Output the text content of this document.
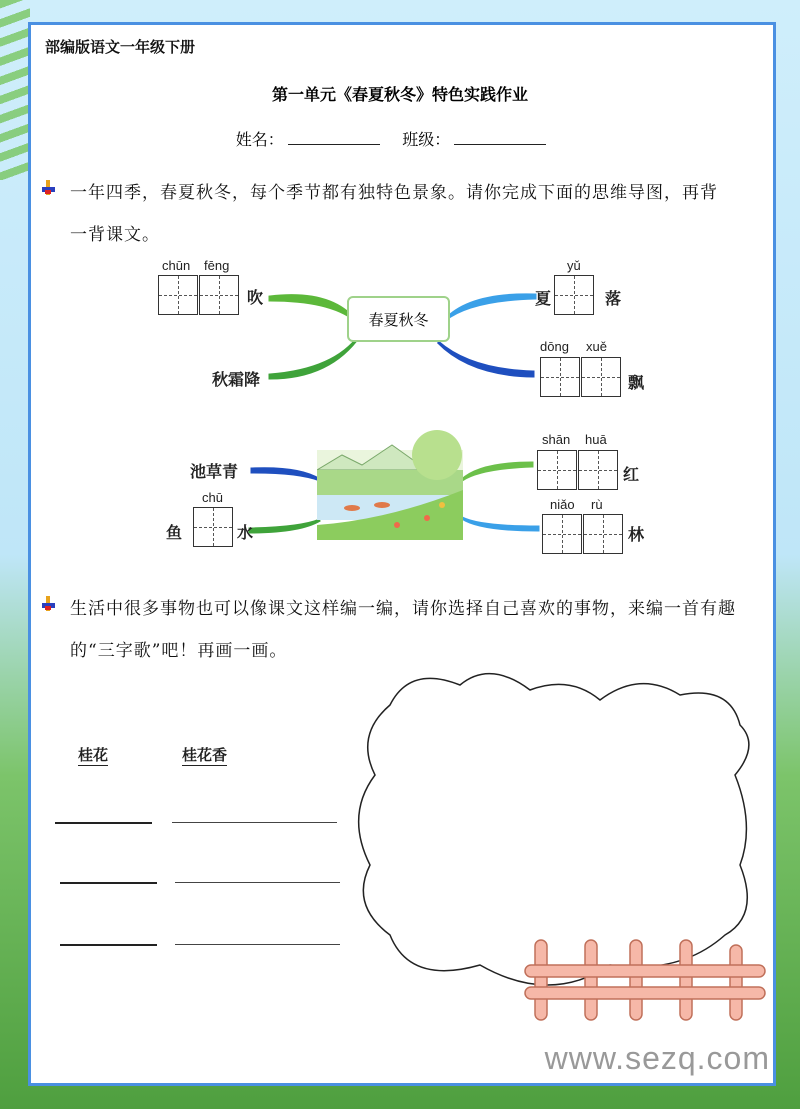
部编版语文一年级下册
第一单元《春夏秋冬》特色实践作业
姓名：	班级：
一年四季，春夏秋冬，每个季节都有独特色景象。请你完成下面的思维导图，再背
一背课文。
春夏秋冬
chūn fēng
吹	夏
yǔ
落
秋霜降
dōng xuě
飘
池草青
鱼
chū
水
shān huā
红
niǎo rù
林
生活中很多事物也可以像课文这样编一编，请你选择自己喜欢的事物，来编一首有趣
的“三字歌”吧！再画一画。
桂花	桂花香
www.sezq.com
